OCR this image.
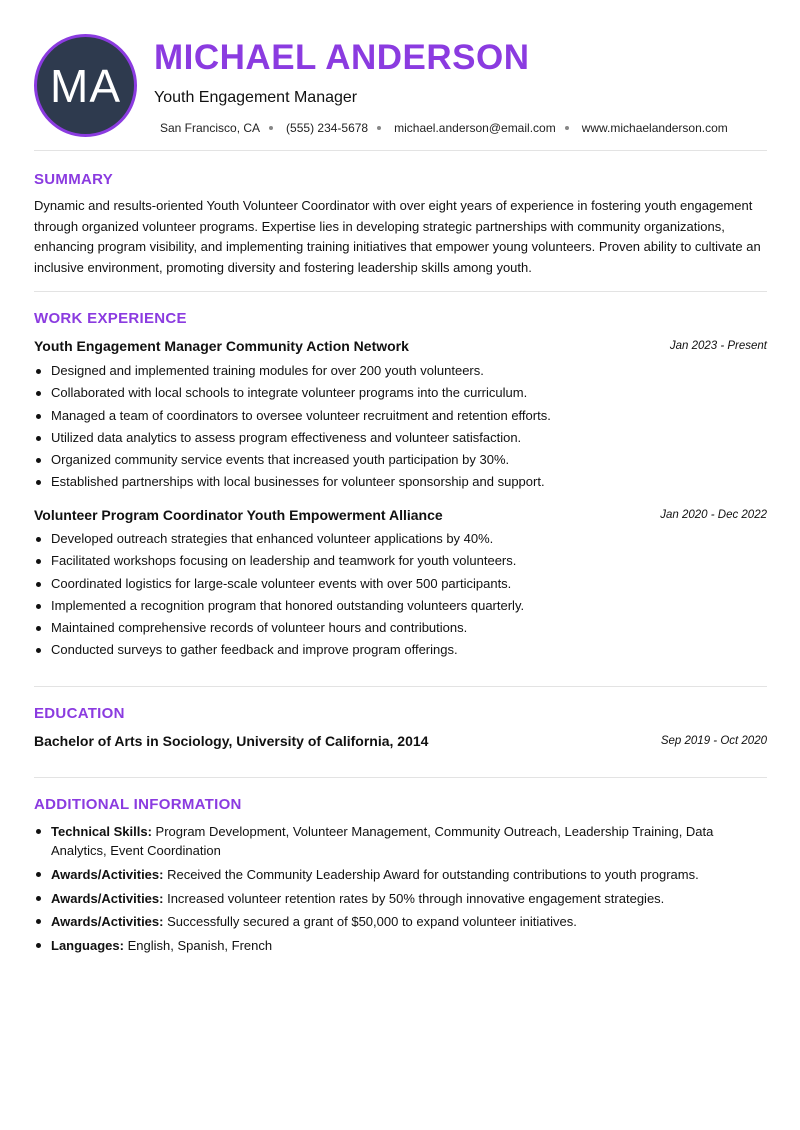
MA
MICHAEL ANDERSON
Youth Engagement Manager
San Francisco, CA (555) 234-5678 michael.anderson@email.com www.michaelanderson.com
SUMMARY

Dynamic and results-oriented Youth Volunteer Coordinator with over eight years of experience in fostering youth engagement through organized volunteer programs. Expertise lies in developing strategic partnerships with community organizations, enhancing program visibility, and implementing training initiatives that empower young volunteers. Proven ability to cultivate an inclusive environment, promoting diversity and fostering leadership skills among youth.

WORK EXPERIENCE
Youth Engagement Manager Community Action Network	Jan 2023 - Present
Designed and implemented training modules for over 200 youth volunteers.
Collaborated with local schools to integrate volunteer programs into the curriculum.
Managed a team of coordinators to oversee volunteer recruitment and retention efforts.
Utilized data analytics to assess program effectiveness and volunteer satisfaction.
Organized community service events that increased youth participation by 30%.
Established partnerships with local businesses for volunteer sponsorship and support.
Volunteer Program Coordinator Youth Empowerment Alliance	Jan 2020 - Dec 2022
Developed outreach strategies that enhanced volunteer applications by 40%.
Facilitated workshops focusing on leadership and teamwork for youth volunteers.
Coordinated logistics for large-scale volunteer events with over 500 participants.
Implemented a recognition program that honored outstanding volunteers quarterly.
Maintained comprehensive records of volunteer hours and contributions.
Conducted surveys to gather feedback and improve program offerings.
EDUCATION
Bachelor of Arts in Sociology, University of California, 2014	Sep 2019 - Oct 2020
ADDITIONAL INFORMATION
Technical Skills: Program Development, Volunteer Management, Community Outreach, Leadership Training, Data Analytics, Event Coordination
Awards/Activities: Received the Community Leadership Award for outstanding contributions to youth programs.
Awards/Activities: Increased volunteer retention rates by 50% through innovative engagement strategies.
Awards/Activities: Successfully secured a grant of $50,000 to expand volunteer initiatives.
Languages: English, Spanish, French
